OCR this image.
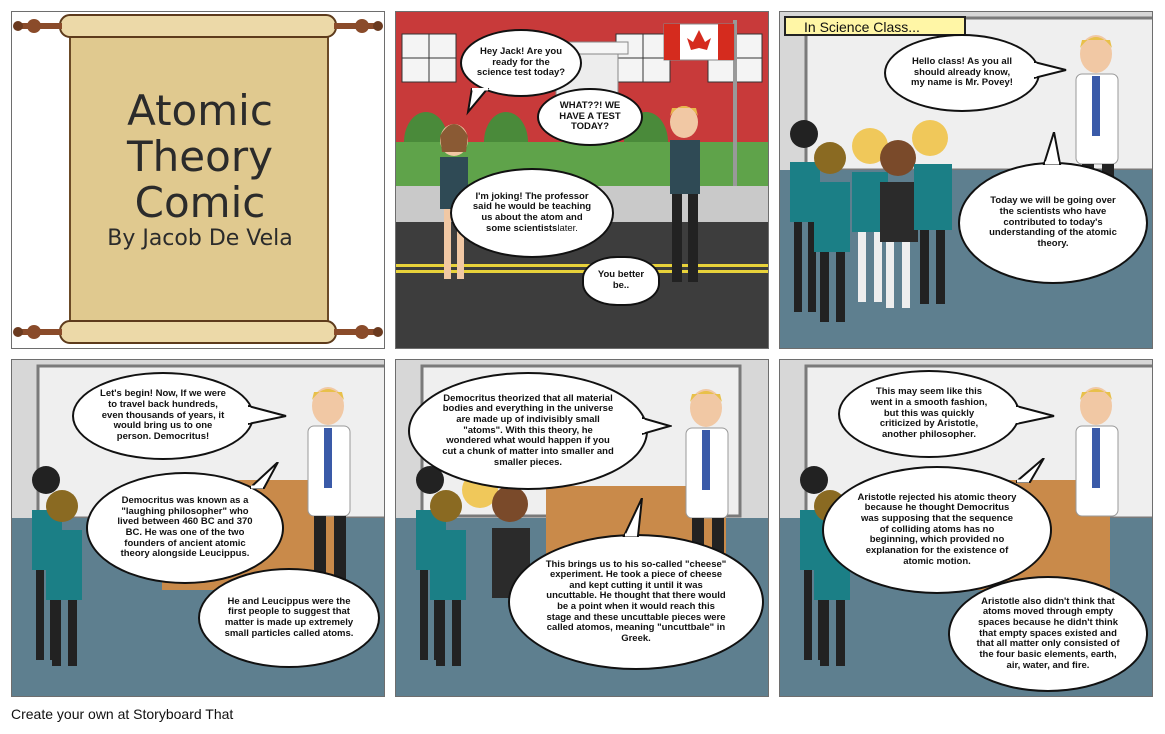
Atomic
Theory
Comic
By Jacob De Vela
Hey Jack! Are you ready for the science test today?
WHAT??! WE HAVE A TEST TODAY?
I'm joking! The professor said he would be teaching us about the atom and some scientistslater.
You better be..
In Science Class...
Hello class! As you all should already know, my name is Mr. Povey!
Today we will be going over the scientists who have contributed to today's understanding of the atomic theory.
Let's begin! Now, If we were to travel back hundreds, even thousands of years, it would bring us to one person. Democritus!
Democritus was known as a "laughing philosopher" who lived between 460 BC and 370 BC. He was one of the two founders of ancient atomic theory alongside Leucippus.
He and Leucippus were the first people to suggest that matter is made up extremely small particles called atoms.
Democritus theorized that all material bodies and everything in the universe are made up of indivisibly small "atoms". With this theory, he wondered what would happen if you cut a chunk of matter into smaller and smaller pieces.
This brings us to his so-called "cheese" experiment. He took a piece of cheese and kept cutting it until it was uncuttable. He thought that there would be a point when it would reach this stage and these uncuttable pieces were called atomos, meaning "uncuttbale" in Greek.
This may seem like this went in a smooth fashion, but this was quickly criticized by Aristotle, another philosopher.
Aristotle rejected his atomic theory because he thought Democritus was supposing that the sequence of colliding atoms has no beginning, which provided no explanation for the existence of atomic motion.
Aristotle also didn't think that atoms moved through empty spaces because he didn't think that empty spaces existed and that all matter only consisted of the four basic elements, earth, air, water, and fire.
Create your own at Storyboard That
